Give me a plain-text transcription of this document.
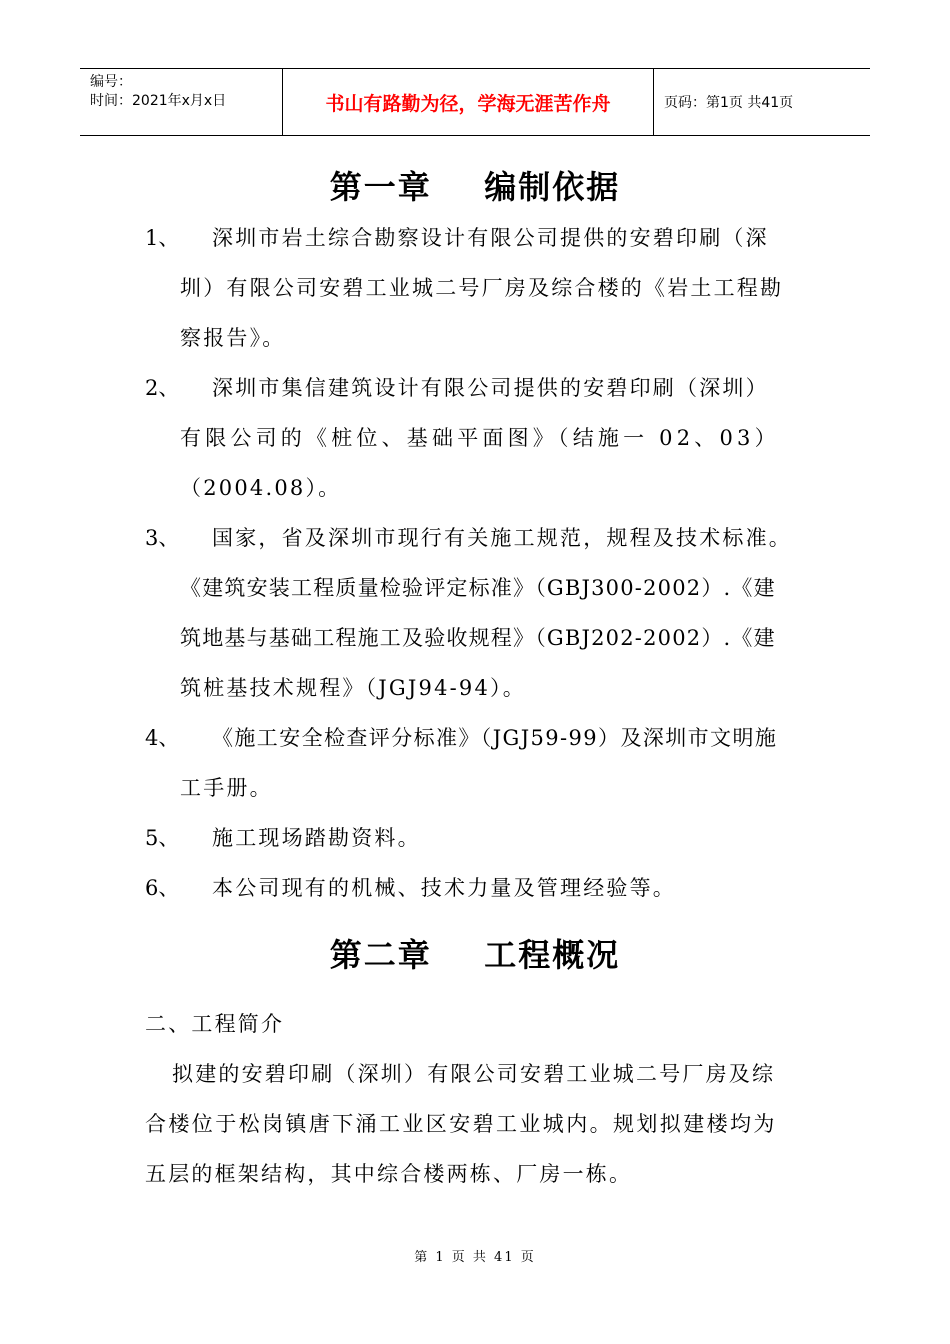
编号：
时间：2021年x月x日	书山有路勤为径，学海无涯苦作舟	页码：第1页 共41页
第一章    编制依据
1、 深圳市岩土综合勘察设计有限公司提供的安碧印刷（深
圳）有限公司安碧工业城二号厂房及综合楼的《岩土工程勘
察报告》。
2、 深圳市集信建筑设计有限公司提供的安碧印刷（深圳）
有限公司的《桩位、基础平面图》（结施一 02、03）
（2004.08）。
3、 国家，省及深圳市现行有关施工规范，规程及技术标准。
《建筑安装工程质量检验评定标准》（GBJ300-2002）.《建
筑地基与基础工程施工及验收规程》（GBJ202-2002）.《建
筑桩基技术规程》（JGJ94-94）。
4、 《施工安全检查评分标准》（JGJ59-99）及深圳市文明施
工手册。
5、 施工现场踏勘资料。
6、 本公司现有的机械、技术力量及管理经验等。
第二章    工程概况
二、工程简介
拟建的安碧印刷（深圳）有限公司安碧工业城二号厂房及综
合楼位于松岗镇唐下涌工业区安碧工业城内。规划拟建楼均为
五层的框架结构，其中综合楼两栋、厂房一栋。
第 1 页 共 41 页
